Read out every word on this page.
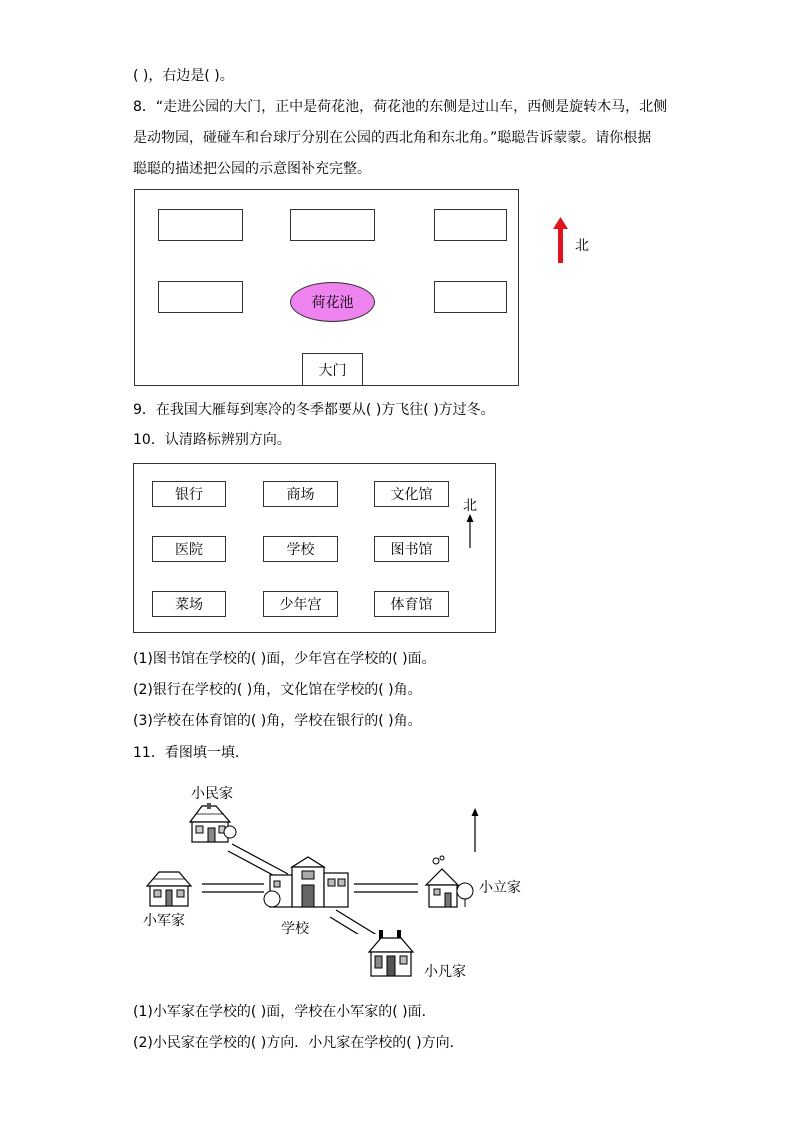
( )，右边是( )。
8．“走进公园的大门，正中是荷花池，荷花池的东侧是过山车，西侧是旋转木马，北侧
是动物园，碰碰车和台球厅分别在公园的西北角和东北角。”聪聪告诉蒙蒙。请你根据
聪聪的描述把公园的示意图补充完整。
荷花池
大门
北
9．在我国大雁每到寒冷的冬季都要从( )方飞往( )方过冬。
10．认清路标辨别方向。
银行	商场	文化馆
医院	学校	图书馆
菜场	少年宫	体育馆
北
(1)图书馆在学校的( )面，少年宫在学校的( )面。
(2)银行在学校的( )角，文化馆在学校的( )角。
(3)学校在体育馆的( )角，学校在银行的( )角。
11．看图填一填．
小民家
小军家	学校
小立家
小凡家
(1)小军家在学校的( )面，学校在小军家的( )面．
(2)小民家在学校的( )方向．小凡家在学校的( )方向．
